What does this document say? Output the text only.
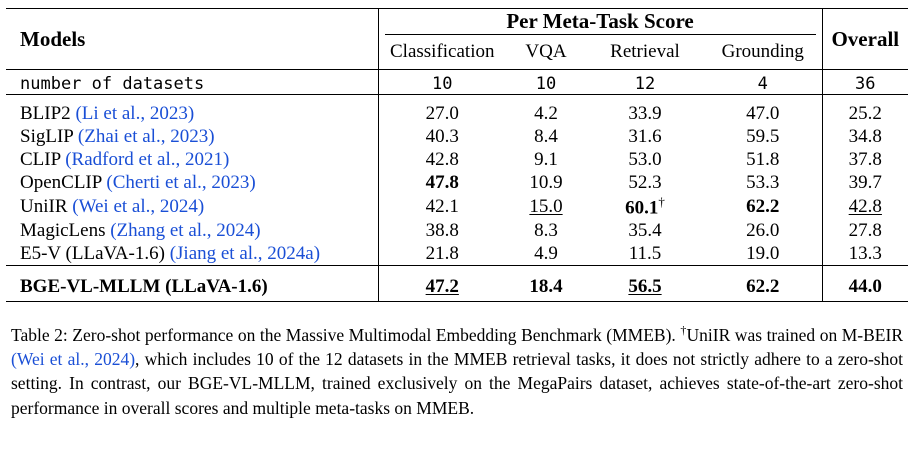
Models	Per Meta-Task Score				Overall
	Classification	VQA	Retrieval	Grounding	

number of datasets	10	10	12	4	36

BLIP2 (Li et al., 2023)	27.0	4.2	33.9	47.0	25.2
SigLIP (Zhai et al., 2023)	40.3	8.4	31.6	59.5	34.8
CLIP (Radford et al., 2021)	42.8	9.1	53.0	51.8	37.8
OpenCLIP (Cherti et al., 2023)	47.8	10.9	52.3	53.3	39.7
UniIR (Wei et al., 2024)	42.1	15.0	60.1†	62.2	42.8
MagicLens (Zhang et al., 2024)	38.8	8.3	35.4	26.0	27.8
E5-V (LLaVA-1.6) (Jiang et al., 2024a)	21.8	4.9	11.5	19.0	13.3

BGE-VL-MLLM (LLaVA-1.6)	47.2	18.4	56.5	62.2	44.0

Table 2: Zero-shot performance on the Massive Multimodal Embedding Benchmark (MMEB). †UniIR was trained on M-BEIR (Wei et al., 2024), which includes 10 of the 12 datasets in the MMEB retrieval tasks, it does not strictly adhere to a zero-shot setting. In contrast, our BGE-VL-MLLM, trained exclusively on the MegaPairs dataset, achieves state-of-the-art zero-shot performance in overall scores and multiple meta-tasks on MMEB.
